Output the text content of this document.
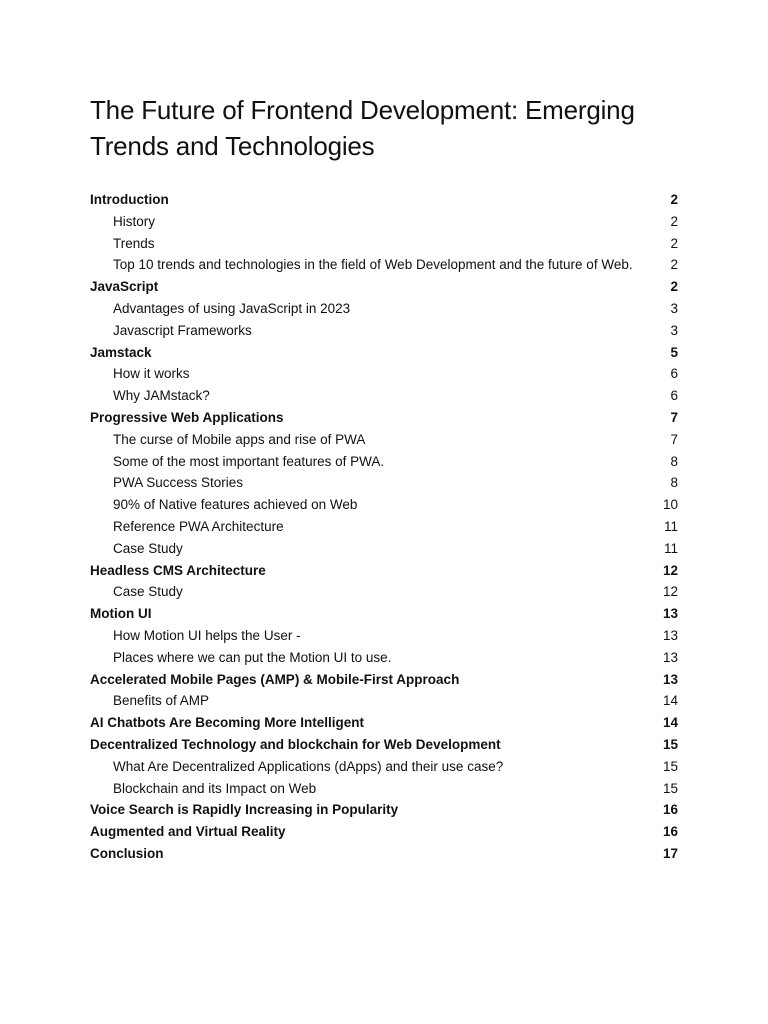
The Future of Frontend Development: Emerging Trends and Technologies
Introduction	2
History	2
Trends	2
Top 10 trends and technologies in the field of Web Development and the future of Web.	2
JavaScript	2
Advantages of using JavaScript in 2023	3
Javascript Frameworks	3
Jamstack	5
How it works	6
Why JAMstack?	6
Progressive Web Applications	7
The curse of Mobile apps and rise of PWA	7
Some of the most important features of PWA.	8
PWA Success Stories	8
90% of Native features achieved on Web	10
Reference PWA Architecture	11
Case Study	11
Headless CMS Architecture	12
Case Study	12
Motion UI	13
How Motion UI helps the User -	13
Places where we can put the Motion UI to use.	13
Accelerated Mobile Pages (AMP) & Mobile-First Approach	13
Benefits of AMP	14
AI Chatbots Are Becoming More Intelligent	14
Decentralized Technology and blockchain for Web Development	15
What Are Decentralized Applications (dApps) and their use case?	15
Blockchain and its Impact on Web	15
Voice Search is Rapidly Increasing in Popularity	16
Augmented and Virtual Reality	16
Conclusion	17
